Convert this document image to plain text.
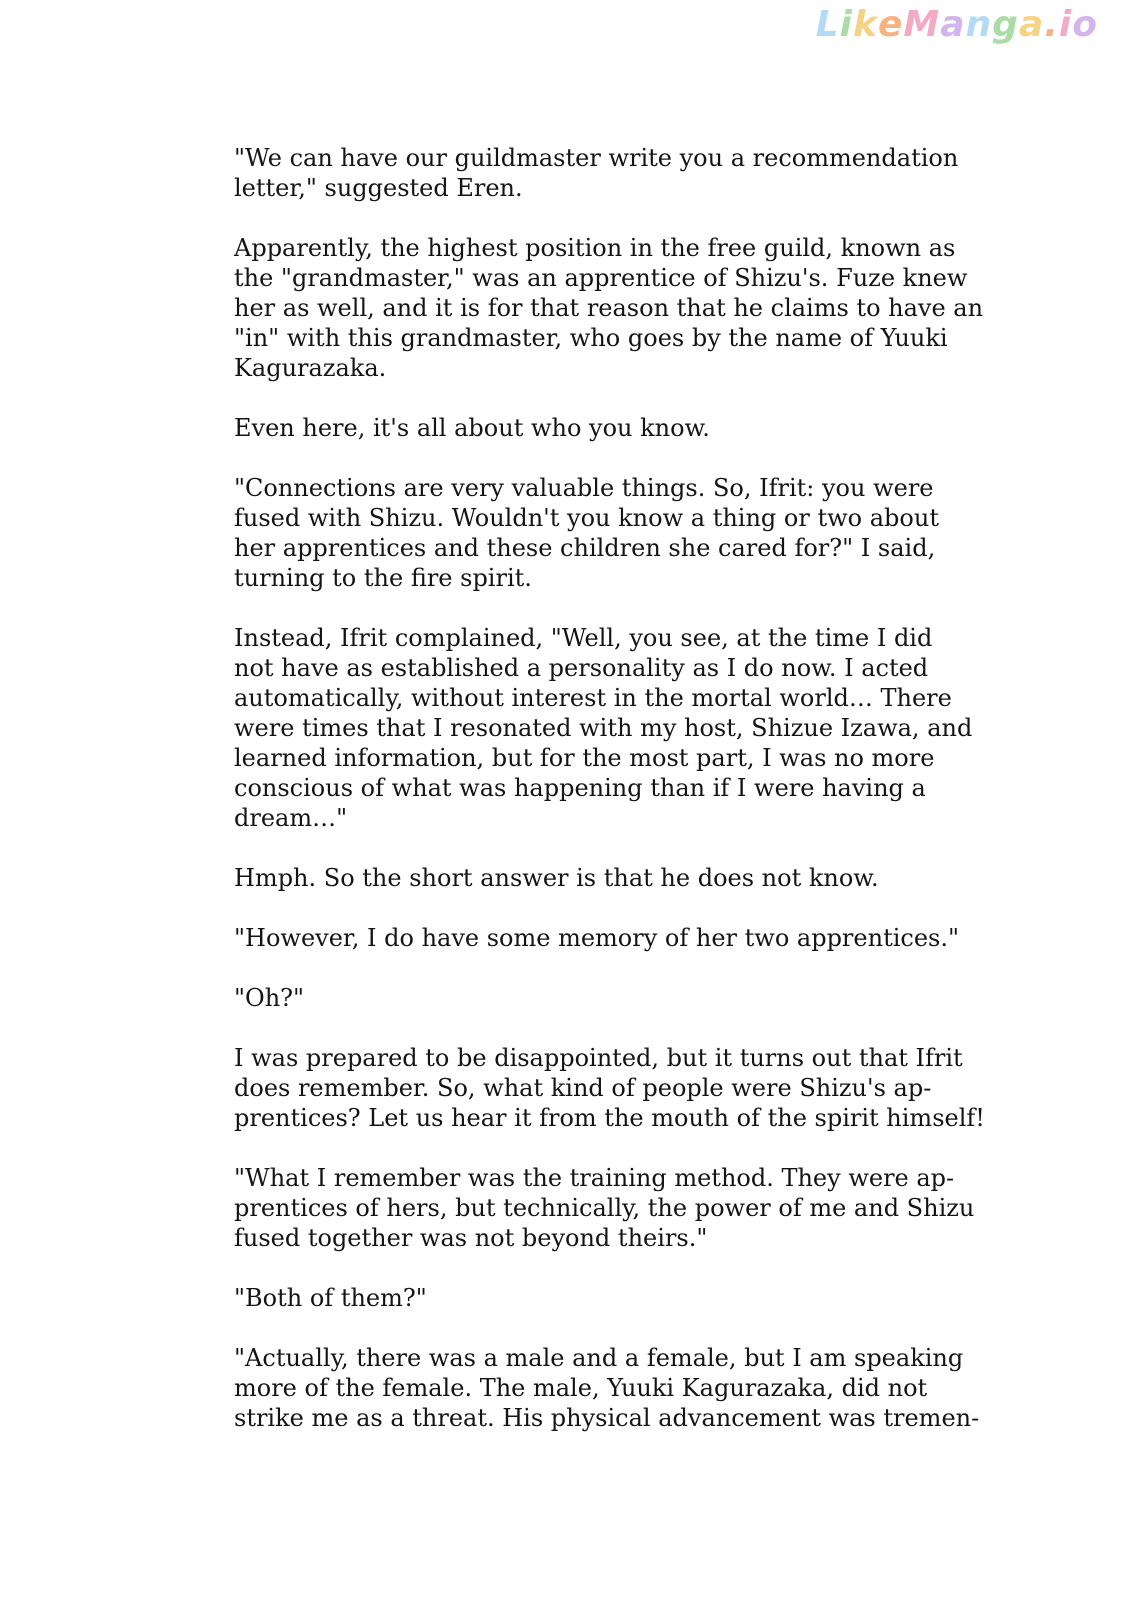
LikeManga.io

"We can have our guildmaster write you a recommendation
letter," suggested Eren.

Apparently, the highest position in the free guild, known as
the "grandmaster," was an apprentice of Shizu's. Fuze knew
her as well, and it is for that reason that he claims to have an
"in" with this grandmaster, who goes by the name of Yuuki
Kagurazaka.

Even here, it's all about who you know.

"Connections are very valuable things. So, Ifrit: you were
fused with Shizu. Wouldn't you know a thing or two about
her apprentices and these children she cared for?" I said,
turning to the fire spirit.

Instead, Ifrit complained, "Well, you see, at the time I did
not have as established a personality as I do now. I acted
automatically, without interest in the mortal world… There
were times that I resonated with my host, Shizue Izawa, and
learned information, but for the most part, I was no more
conscious of what was happening than if I were having a
dream…"

Hmph. So the short answer is that he does not know.

"However, I do have some memory of her two apprentices."

"Oh?"

I was prepared to be disappointed, but it turns out that Ifrit
does remember. So, what kind of people were Shizu's ap-
prentices? Let us hear it from the mouth of the spirit himself!

"What I remember was the training method. They were ap-
prentices of hers, but technically, the power of me and Shizu
fused together was not beyond theirs."

"Both of them?"

"Actually, there was a male and a female, but I am speaking
more of the female. The male, Yuuki Kagurazaka, did not
strike me as a threat. His physical advancement was tremen-
